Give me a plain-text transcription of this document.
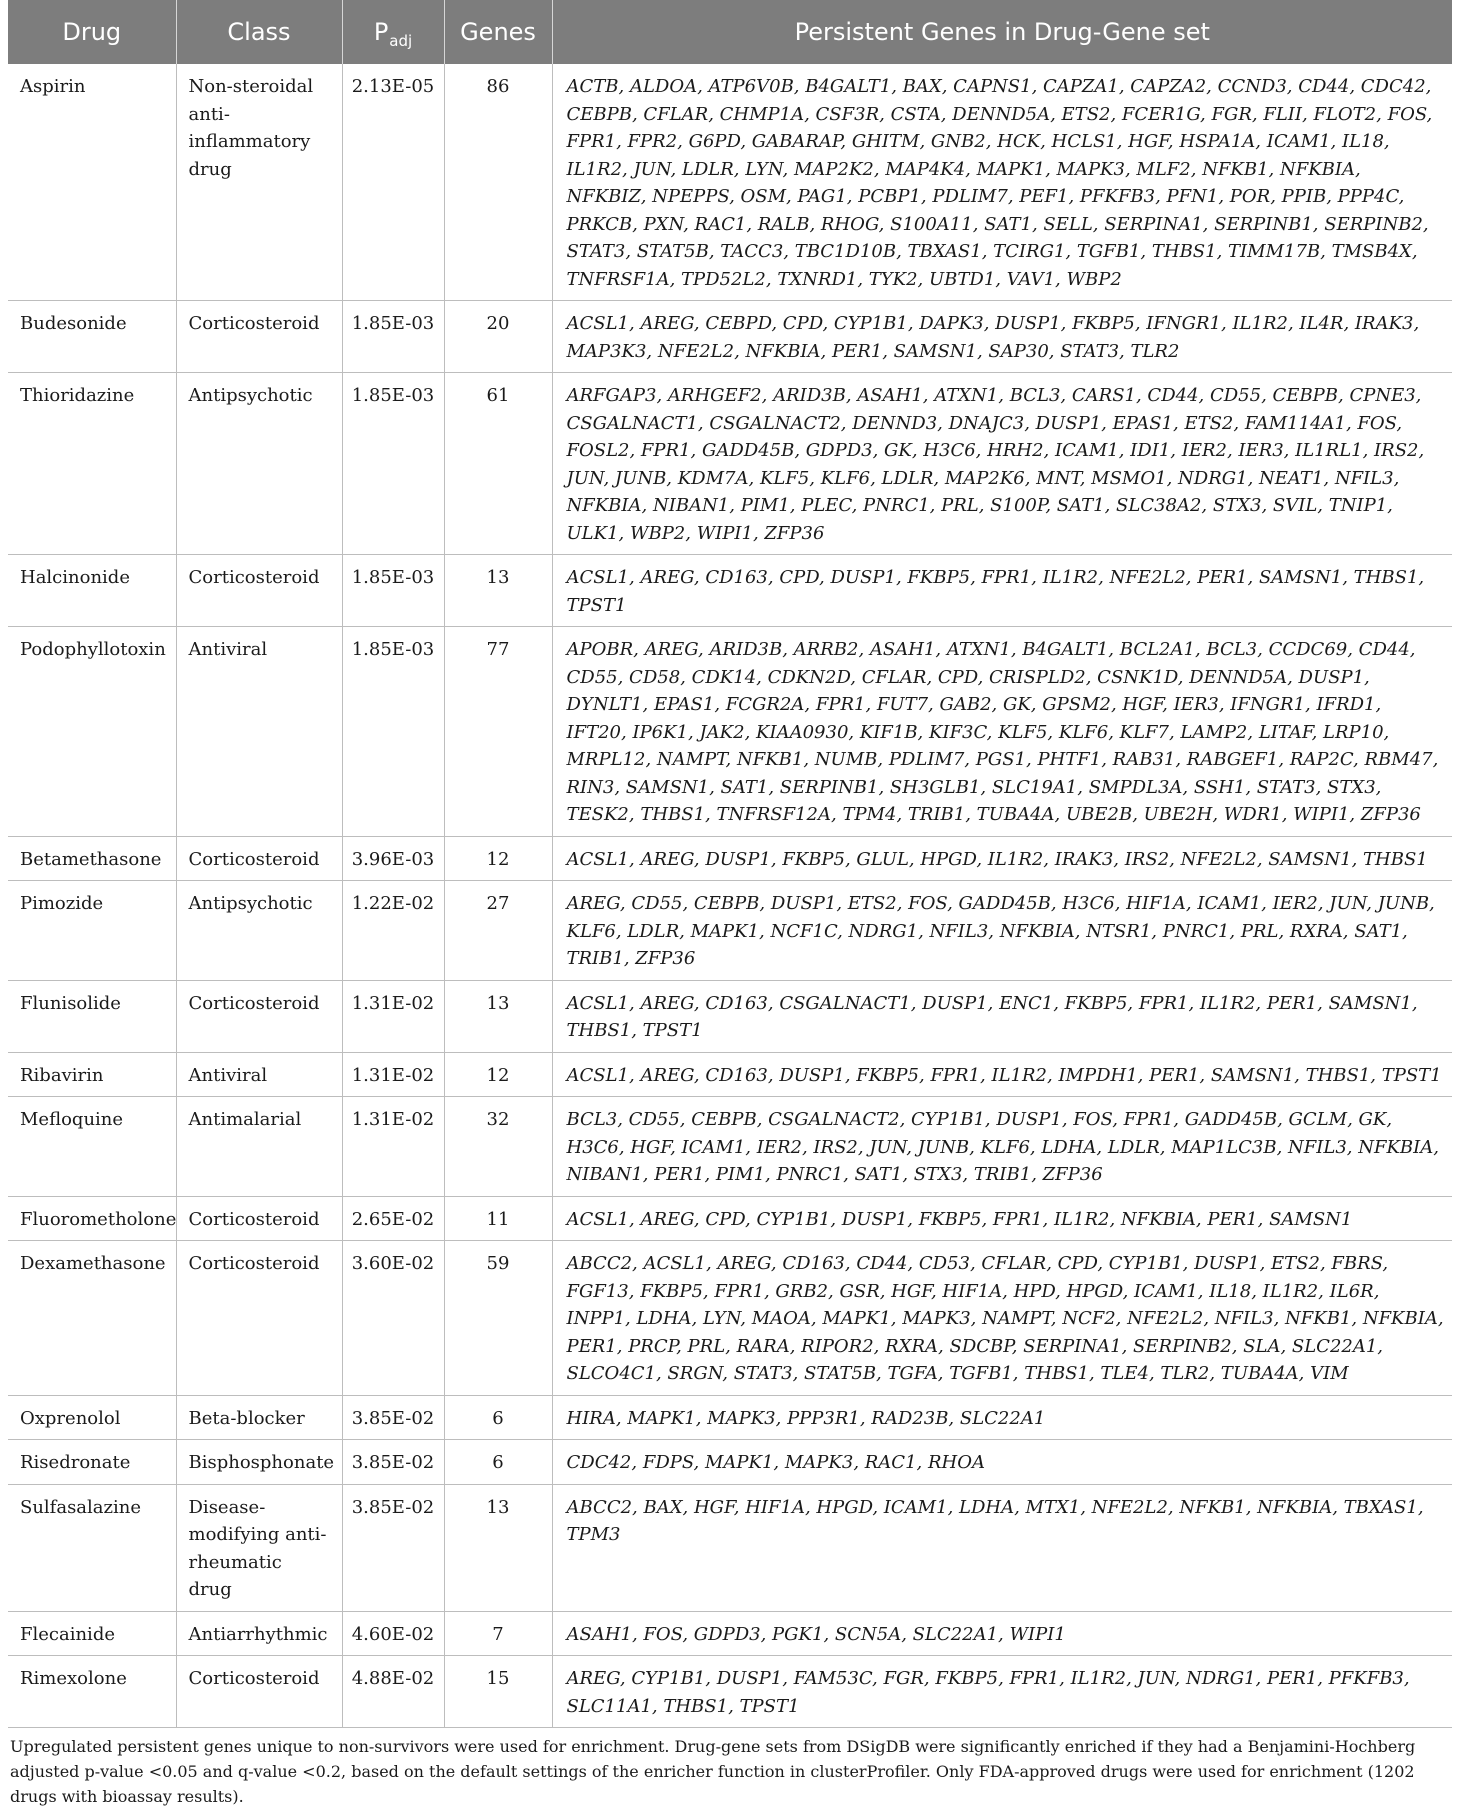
Drug	Class	$P_{adj}$	Genes	Persistent Genes in Drug-Gene set
Aspirin	Non-steroidal anti-inflammatory drug	2.13E-05	86	ACTB, ALDOA, ATP6V0B, B4GALT1, BAX, CAPNS1, CAPZA1, CAPZA2, CCND3, CD44, CDC42, CEBPB, CFLAR, CHMP1A, CSF3R, CSTA, DENND5A, ETS2, FCER1G, FGR, FLII, FLOT2, FOS, FPR1, FPR2, G6PD, GABARAP, GHITM, GNB2, HCK, HCLS1, HGF, HSPA1A, ICAM1, IL18, IL1R2, JUN, LDLR, LYN, MAP2K2, MAP4K4, MAPK1, MAPK3, MLF2, NFKB1, NFKBIA, NFKBIZ, NPEPPS, OSM, PAG1, PCBP1, PDLIM7, PEF1, PFKFB3, PFN1, POR, PPIB, PPP4C, PRKCB, PXN, RAC1, RALB, RHOG, S100A11, SAT1, SELL, SERPINA1, SERPINB1, SERPINB2, STAT3, STAT5B, TACC3, TBC1D10B, TBXAS1, TCIRG1, TGFB1, THBS1, TIMM17B, TMSB4X, TNFRSF1A, TPD52L2, TXNRD1, TYK2, UBTD1, VAV1, WBP2
Budesonide	Corticosteroid	1.85E-03	20	ACSL1, AREG, CEBPD, CPD, CYP1B1, DAPK3, DUSP1, FKBP5, IFNGR1, IL1R2, IL4R, IRAK3, MAP3K3, NFE2L2, NFKBIA, PER1, SAMSN1, SAP30, STAT3, TLR2
Thioridazine	Antipsychotic	1.85E-03	61	ARFGAP3, ARHGEF2, ARID3B, ASAH1, ATXN1, BCL3, CARS1, CD44, CD55, CEBPB, CPNE3, CSGALNACT1, CSGALNACT2, DENND3, DNAJC3, DUSP1, EPAS1, ETS2, FAM114A1, FOS, FOSL2, FPR1, GADD45B, GDPD3, GK, H3C6, HRH2, ICAM1, IDI1, IER2, IER3, IL1RL1, IRS2, JUN, JUNB, KDM7A, KLF5, KLF6, LDLR, MAP2K6, MNT, MSMO1, NDRG1, NEAT1, NFIL3, NFKBIA, NIBAN1, PIM1, PLEC, PNRC1, PRL, S100P, SAT1, SLC38A2, STX3, SVIL, TNIP1, ULK1, WBP2, WIPI1, ZFP36
Halcinonide	Corticosteroid	1.85E-03	13	ACSL1, AREG, CD163, CPD, DUSP1, FKBP5, FPR1, IL1R2, NFE2L2, PER1, SAMSN1, THBS1, TPST1
Podophyllotoxin	Antiviral	1.85E-03	77	APOBR, AREG, ARID3B, ARRB2, ASAH1, ATXN1, B4GALT1, BCL2A1, BCL3, CCDC69, CD44, CD55, CD58, CDK14, CDKN2D, CFLAR, CPD, CRISPLD2, CSNK1D, DENND5A, DUSP1, DYNLT1, EPAS1, FCGR2A, FPR1, FUT7, GAB2, GK, GPSM2, HGF, IER3, IFNGR1, IFRD1, IFT20, IP6K1, JAK2, KIAA0930, KIF1B, KIF3C, KLF5, KLF6, KLF7, LAMP2, LITAF, LRP10, MRPL12, NAMPT, NFKB1, NUMB, PDLIM7, PGS1, PHTF1, RAB31, RABGEF1, RAP2C, RBM47, RIN3, SAMSN1, SAT1, SERPINB1, SH3GLB1, SLC19A1, SMPDL3A, SSH1, STAT3, STX3, TESK2, THBS1, TNFRSF12A, TPM4, TRIB1, TUBA4A, UBE2B, UBE2H, WDR1, WIPI1, ZFP36
Betamethasone	Corticosteroid	3.96E-03	12	ACSL1, AREG, DUSP1, FKBP5, GLUL, HPGD, IL1R2, IRAK3, IRS2, NFE2L2, SAMSN1, THBS1
Pimozide	Antipsychotic	1.22E-02	27	AREG, CD55, CEBPB, DUSP1, ETS2, FOS, GADD45B, H3C6, HIF1A, ICAM1, IER2, JUN, JUNB, KLF6, LDLR, MAPK1, NCF1C, NDRG1, NFIL3, NFKBIA, NTSR1, PNRC1, PRL, RXRA, SAT1, TRIB1, ZFP36
Flunisolide	Corticosteroid	1.31E-02	13	ACSL1, AREG, CD163, CSGALNACT1, DUSP1, ENC1, FKBP5, FPR1, IL1R2, PER1, SAMSN1, THBS1, TPST1
Ribavirin	Antiviral	1.31E-02	12	ACSL1, AREG, CD163, DUSP1, FKBP5, FPR1, IL1R2, IMPDH1, PER1, SAMSN1, THBS1, TPST1
Mefloquine	Antimalarial	1.31E-02	32	BCL3, CD55, CEBPB, CSGALNACT2, CYP1B1, DUSP1, FOS, FPR1, GADD45B, GCLM, GK, H3C6, HGF, ICAM1, IER2, IRS2, JUN, JUNB, KLF6, LDHA, LDLR, MAP1LC3B, NFIL3, NFKBIA, NIBAN1, PER1, PIM1, PNRC1, SAT1, STX3, TRIB1, ZFP36
Fluorometholone	Corticosteroid	2.65E-02	11	ACSL1, AREG, CPD, CYP1B1, DUSP1, FKBP5, FPR1, IL1R2, NFKBIA, PER1, SAMSN1
Dexamethasone	Corticosteroid	3.60E-02	59	ABCC2, ACSL1, AREG, CD163, CD44, CD53, CFLAR, CPD, CYP1B1, DUSP1, ETS2, FBRS, FGF13, FKBP5, FPR1, GRB2, GSR, HGF, HIF1A, HPD, HPGD, ICAM1, IL18, IL1R2, IL6R, INPP1, LDHA, LYN, MAOA, MAPK1, MAPK3, NAMPT, NCF2, NFE2L2, NFIL3, NFKB1, NFKBIA, PER1, PRCP, PRL, RARA, RIPOR2, RXRA, SDCBP, SERPINA1, SERPINB2, SLA, SLC22A1, SLCO4C1, SRGN, STAT3, STAT5B, TGFA, TGFB1, THBS1, TLE4, TLR2, TUBA4A, VIM
Oxprenolol	Beta-blocker	3.85E-02	6	HIRA, MAPK1, MAPK3, PPP3R1, RAD23B, SLC22A1
Risedronate	Bisphosphonate	3.85E-02	6	CDC42, FDPS, MAPK1, MAPK3, RAC1, RHOA
Sulfasalazine	Disease-modifying anti-rheumatic drug	3.85E-02	13	ABCC2, BAX, HGF, HIF1A, HPGD, ICAM1, LDHA, MTX1, NFE2L2, NFKB1, NFKBIA, TBXAS1, TPM3
Flecainide	Antiarrhythmic	4.60E-02	7	ASAH1, FOS, GDPD3, PGK1, SCN5A, SLC22A1, WIPI1
Rimexolone	Corticosteroid	4.88E-02	15	AREG, CYP1B1, DUSP1, FAM53C, FGR, FKBP5, FPR1, IL1R2, JUN, NDRG1, PER1, PFKFB3, SLC11A1, THBS1, TPST1
Upregulated persistent genes unique to non-survivors were used for enrichment. Drug-gene sets from DSigDB were significantly enriched if they had a Benjamini-Hochberg adjusted p-value <0.05 and q-value <0.2, based on the default settings of the enricher function in clusterProfiler. Only FDA-approved drugs were used for enrichment (1202 drugs with bioassay results).
